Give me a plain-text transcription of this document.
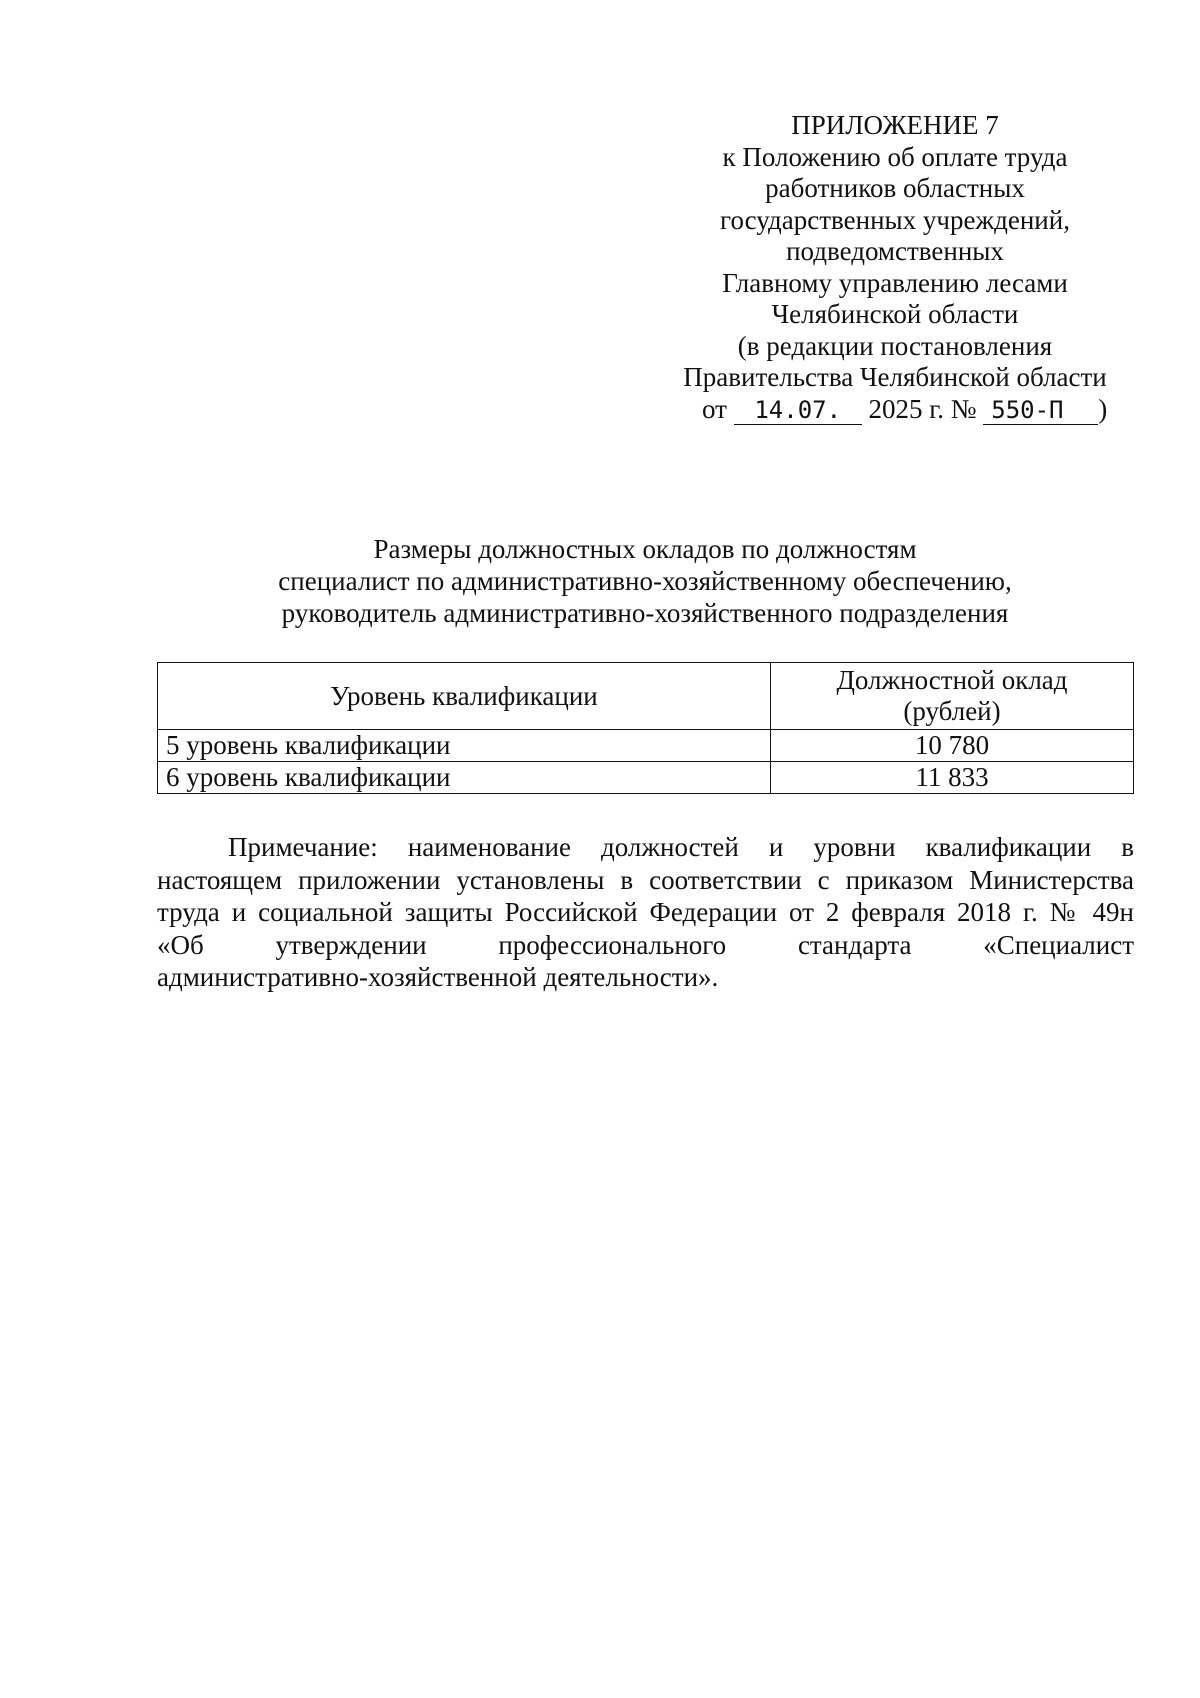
ПРИЛОЖЕНИЕ 7
к Положению об оплате труда
работников областных
государственных учреждений,
подведомственных
Главному управлению лесами
Челябинской области
(в редакции постановления
Правительства Челябинской области
от 14.07. 2025 г. № 550-П )
Размеры должностных окладов по должностям
специалист по административно-хозяйственному обеспечению,
руководитель административно-хозяйственного подразделения
Уровень квалификации	Должностной оклад
(рублей)
5 уровень квалификации	10 780
6 уровень квалификации	11 833
Примечание: наименование должностей и уровни квалификации в
настоящем приложении установлены в соответствии с приказом Министерства
труда и социальной защиты Российской Федерации от 2 февраля 2018 г. № 49н
«Об утверждении профессионального стандарта «Специалист
административно-хозяйственной деятельности».
